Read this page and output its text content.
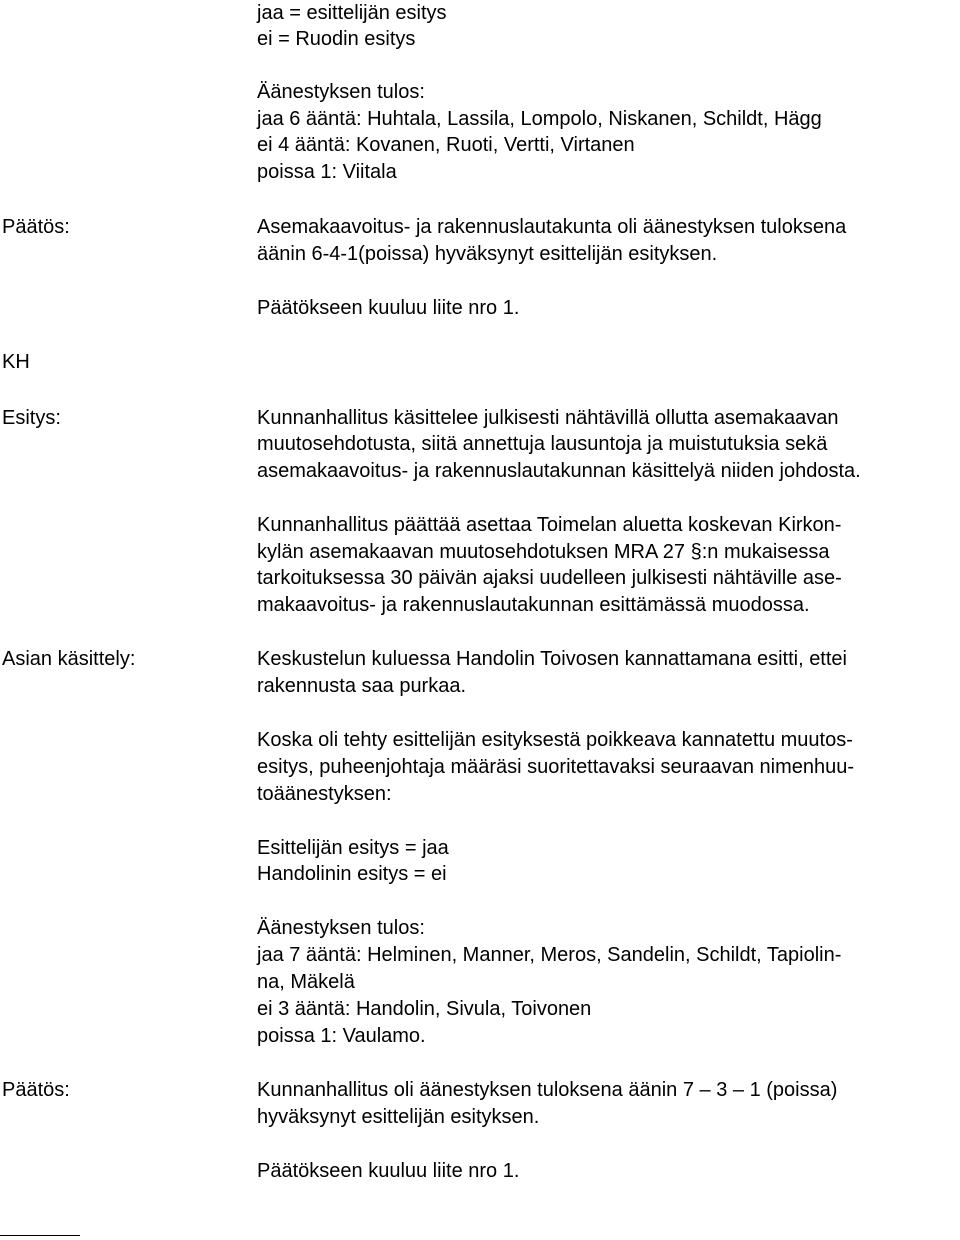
jaa = esittelijän esitys
ei = Ruodin esitys
Äänestyksen tulos:
jaa 6 ääntä: Huhtala, Lassila, Lompolo, Niskanen, Schildt, Hägg
ei 4 ääntä: Kovanen, Ruoti, Vertti, Virtanen
poissa 1: Viitala
Päätös:	Asemakaavoitus- ja rakennuslautakunta oli äänestyksen tuloksena
äänin 6-4-1(poissa) hyväksynyt esittelijän esityksen.
Päätökseen kuuluu liite nro 1.
KH
Esitys:	Kunnanhallitus käsittelee julkisesti nähtävillä ollutta asemakaavan
muutosehdotusta, siitä annettuja lausuntoja ja muistutuksia sekä
asemakaavoitus- ja rakennuslautakunnan käsittelyä niiden johdosta.
Kunnanhallitus päättää asettaa Toimelan aluetta koskevan Kirkon-
kylän asemakaavan muutosehdotuksen MRA 27 §:n mukaisessa
tarkoituksessa 30 päivän ajaksi uudelleen julkisesti nähtäville ase-
makaavoitus- ja rakennuslautakunnan esittämässä muodossa.
Asian käsittely:	Keskustelun kuluessa Handolin Toivosen kannattamana esitti, ettei
rakennusta saa purkaa.
Koska oli tehty esittelijän esityksestä poikkeava kannatettu muutos-
esitys, puheenjohtaja määräsi suoritettavaksi seuraavan nimenhuu-
toäänestyksen:
Esittelijän esitys = jaa
Handolinin esitys = ei
Äänestyksen tulos:
jaa 7 ääntä: Helminen, Manner, Meros, Sandelin, Schildt, Tapiolin-
na, Mäkelä
ei 3 ääntä: Handolin, Sivula, Toivonen
poissa 1: Vaulamo.
Päätös:	Kunnanhallitus oli äänestyksen tuloksena äänin 7 – 3 – 1 (poissa)
hyväksynyt esittelijän esityksen.
Päätökseen kuuluu liite nro 1.
